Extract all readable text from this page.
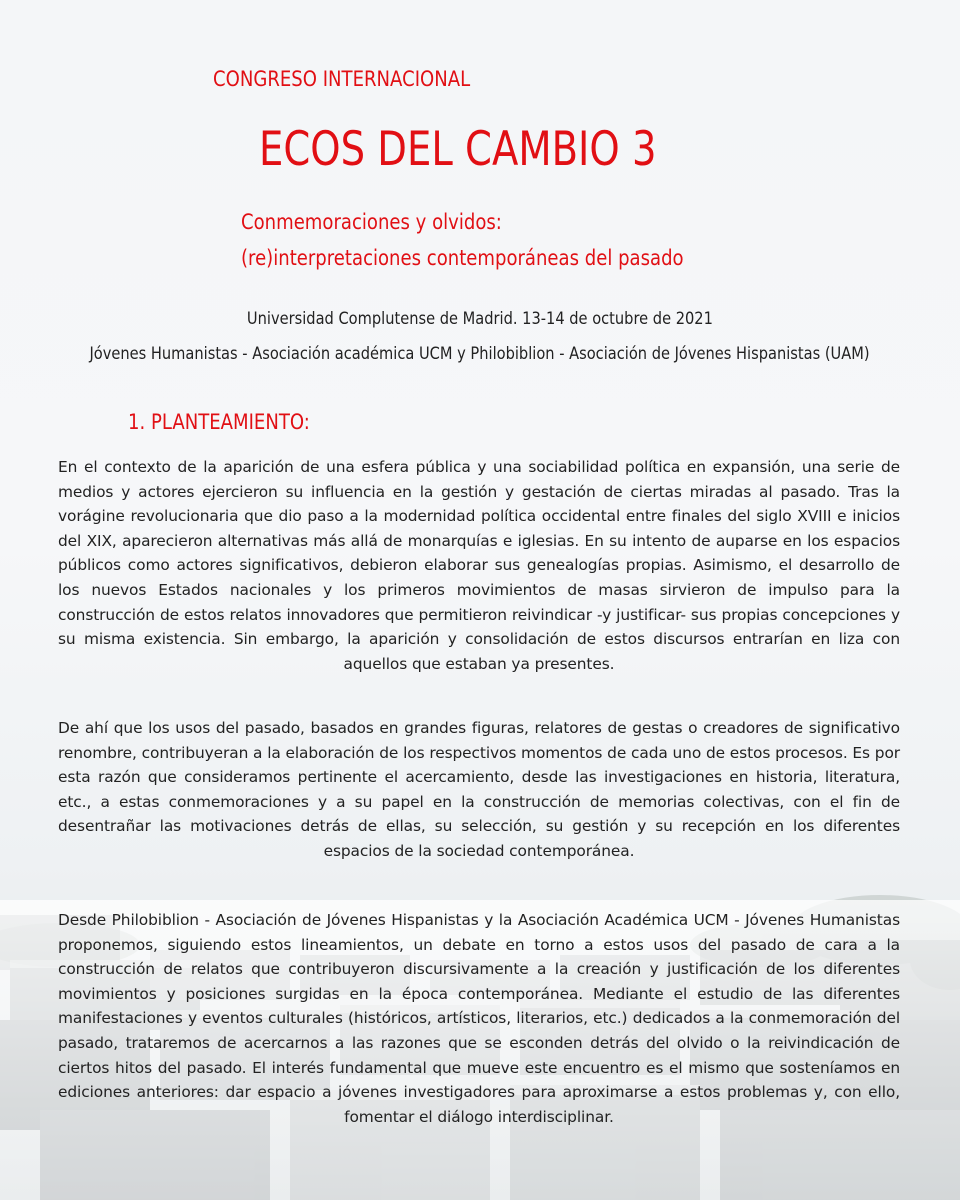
CONGRESO INTERNACIONAL
ECOS DEL CAMBIO 3
Conmemoraciones y olvidos:
(re)interpretaciones contemporáneas del pasado
Universidad Complutense de Madrid. 13-14 de octubre de 2021
Jóvenes Humanistas - Asociación académica UCM y Philobiblion - Asociación de Jóvenes Hispanistas (UAM)
1. PLANTEAMIENTO:

En el contexto de la aparición de una esfera pública y una sociabilidad política en expansión, una serie de medios y actores ejercieron su influencia en la gestión y gestación de ciertas miradas al pasado. Tras la vorágine revolucionaria que dio paso a la modernidad política occidental entre finales del siglo XVIII e inicios del XIX, aparecieron alternativas más allá de monarquías e iglesias. En su intento de auparse en los espacios públicos como actores significativos, debieron elaborar sus genealogías propias. Asimismo, el desarrollo de los nuevos Estados nacionales y los primeros movimientos de masas sirvieron de impulso para la construcción de estos relatos innovadores que permitieron reivindicar -y justificar- sus propias concepciones y su misma existencia. Sin embargo, la aparición y consolidación de estos discursos entrarían en liza con aquellos que estaban ya presentes.

De ahí que los usos del pasado, basados en grandes figuras, relatores de gestas o creadores de significativo renombre, contribuyeran a la elaboración de los respectivos momentos de cada uno de estos procesos. Es por esta razón que consideramos pertinente el acercamiento, desde las investigaciones en historia, literatura, etc., a estas conmemoraciones y a su papel en la construcción de memorias colectivas, con el fin de desentrañar las motivaciones detrás de ellas, su selección, su gestión y su recepción en los diferentes espacios de la sociedad contemporánea.

Desde Philobiblion - Asociación de Jóvenes Hispanistas y la Asociación Académica UCM - Jóvenes Humanistas proponemos, siguiendo estos lineamientos, un debate en torno a estos usos del pasado de cara a la construcción de relatos que contribuyeron discursivamente a la creación y justificación de los diferentes movimientos y posiciones surgidas en la época contemporánea. Mediante el estudio de las diferentes manifestaciones y eventos culturales (históricos, artísticos, literarios, etc.) dedicados a la conmemoración del pasado, trataremos de acercarnos a las razones que se esconden detrás del olvido o la reivindicación de ciertos hitos del pasado. El interés fundamental que mueve este encuentro es el mismo que sosteníamos en ediciones anteriores: dar espacio a jóvenes investigadores para aproximarse a estos problemas y, con ello, fomentar el diálogo interdisciplinar.
